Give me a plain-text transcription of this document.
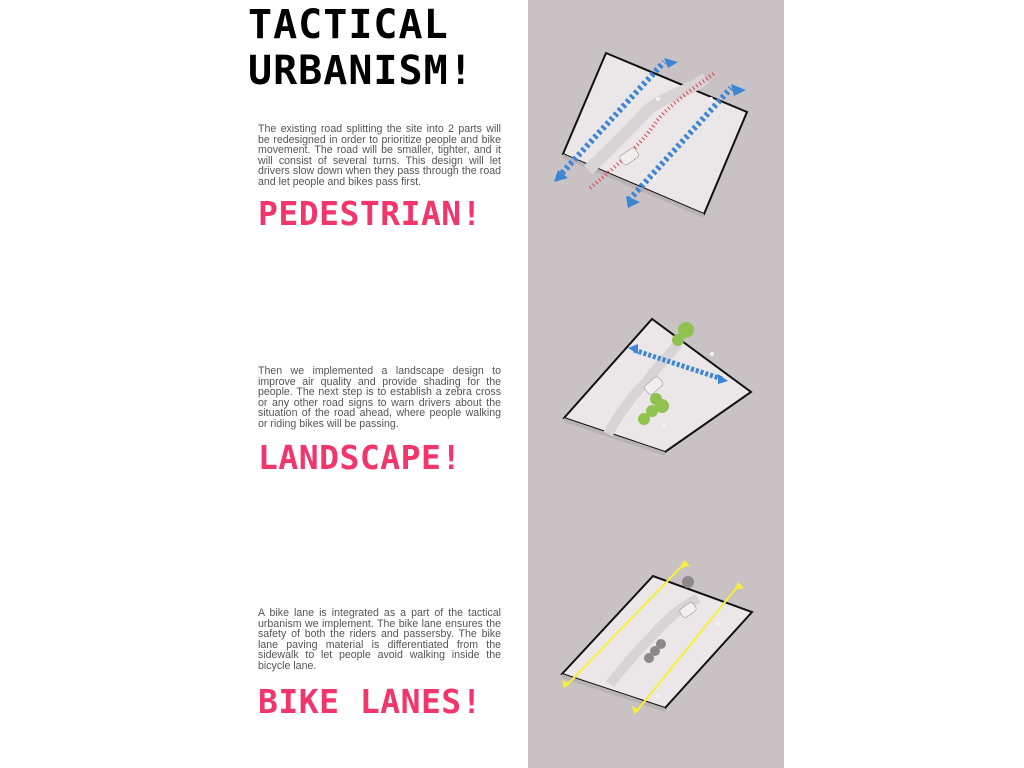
TACTICAL URBANISM!

The existing road splitting the site into 2 parts will be redesigned in order to prioritize people and bike movement. The road will be smaller, tighter, and it will consist of several turns. This design will let drivers slow down when they pass through the road and let people and bikes pass first.

PEDESTRIAN!

Then we implemented a landscape design to improve air quality and provide shading for the people. The next step is to establish a zebra cross or any other road signs to warn drivers about the situation of the road ahead, where people walking or riding bikes will be passing.

LANDSCAPE!

A bike lane is integrated as a part of the tactical urbanism we implement. The bike lane ensures the safety of both the riders and passersby. The bike lane paving material is differentiated from the sidewalk to let people avoid walking inside the bicycle lane.

BIKE LANES!
